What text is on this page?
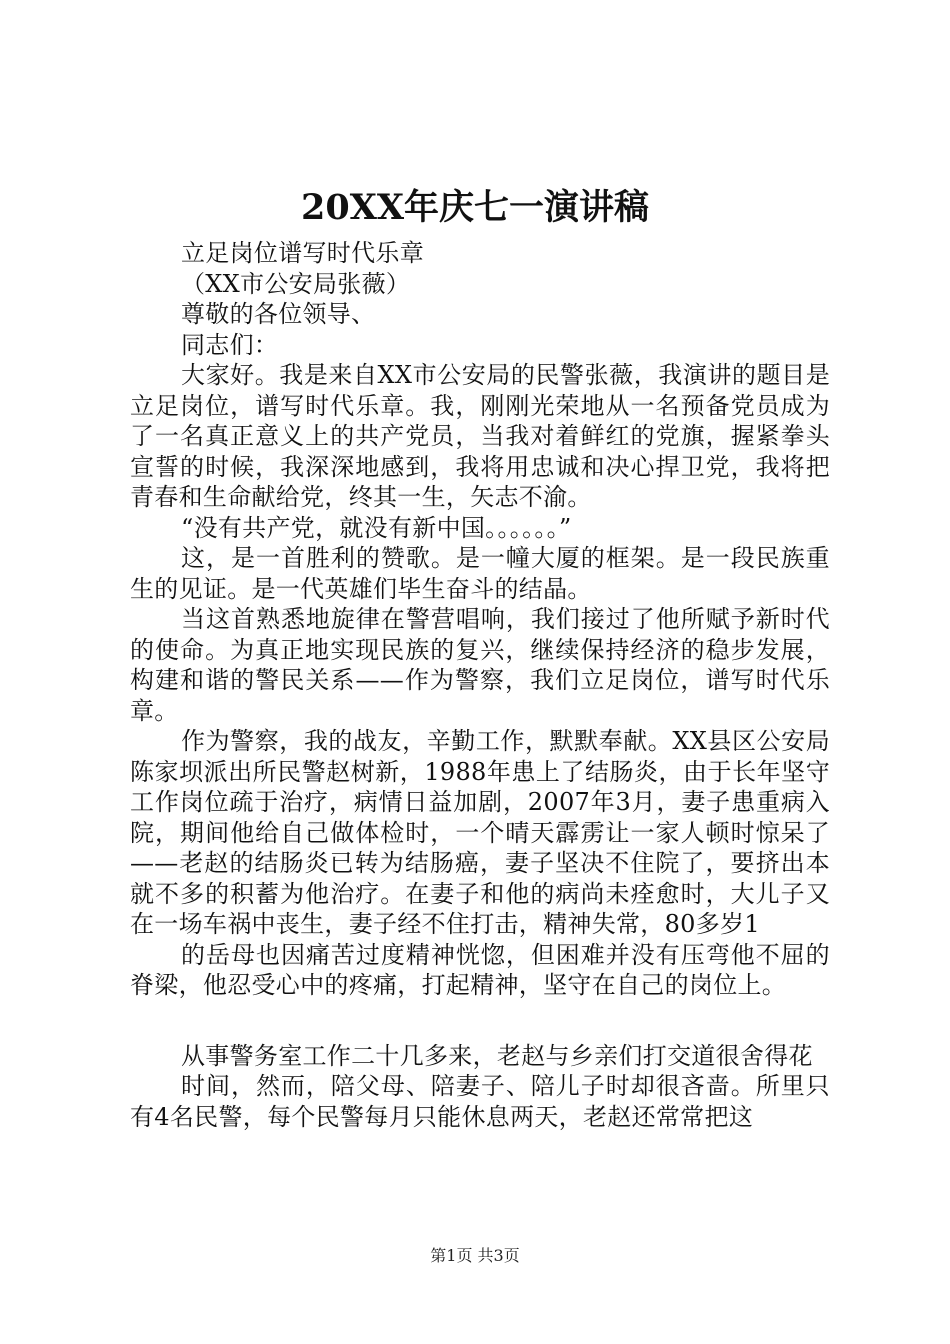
20XX年庆七一演讲稿

立足岗位谱写时代乐章

（XX市公安局张薇）

尊敬的各位领导、

同志们：

大家好。我是来自XX市公安局的民警张薇，我演讲的题目是立足岗位，谱写时代乐章。我，刚刚光荣地从一名预备党员成为了一名真正意义上的共产党员，当我对着鲜红的党旗，握紧拳头宣誓的时候，我深深地感到，我将用忠诚和决心捍卫党，我将把青春和生命献给党，终其一生，矢志不渝。

“没有共产党，就没有新中国。。。。。。”

这，是一首胜利的赞歌。是一幢大厦的框架。是一段民族重生的见证。是一代英雄们毕生奋斗的结晶。

当这首熟悉地旋律在警营唱响，我们接过了他所赋予新时代的使命。为真正地实现民族的复兴，继续保持经济的稳步发展，构建和谐的警民关系——作为警察，我们立足岗位，谱写时代乐章。

作为警察，我的战友，辛勤工作，默默奉献。XX县区公安局陈家坝派出所民警赵树新，1988年患上了结肠炎，由于长年坚守工作岗位疏于治疗，病情日益加剧，2007年3月，妻子患重病入院，期间他给自己做体检时，一个晴天霹雳让一家人顿时惊呆了——老赵的结肠炎已转为结肠癌，妻子坚决不住院了，要挤出本就不多的积蓄为他治疗。在妻子和他的病尚未痊愈时，大儿子又在一场车祸中丧生，妻子经不住打击，精神失常，80多岁1

的岳母也因痛苦过度精神恍惚，但困难并没有压弯他不屈的脊梁，他忍受心中的疼痛，打起精神，坚守在自己的岗位上。

从事警务室工作二十几多来，老赵与乡亲们打交道很舍得花

时间，然而，陪父母、陪妻子、陪儿子时却很吝啬。所里只有4名民警，每个民警每月只能休息两天，老赵还常常把这

第1页 共3页
